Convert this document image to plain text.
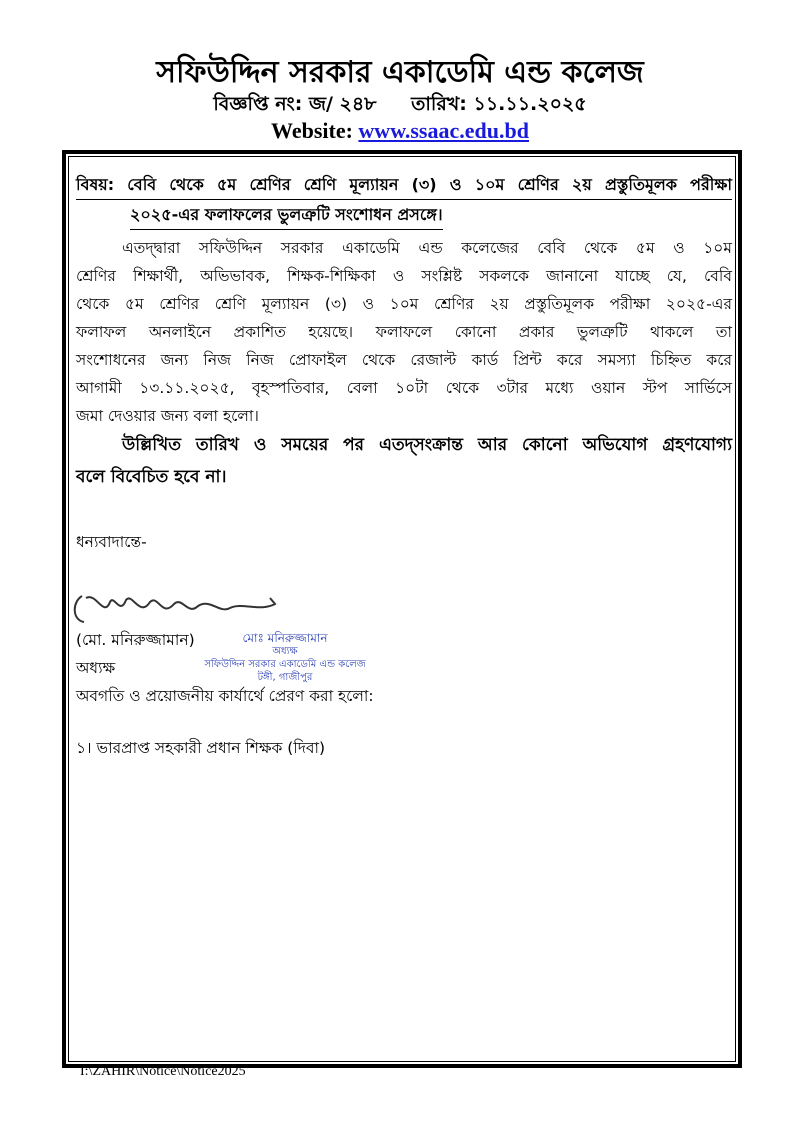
সফিউদ্দিন সরকার একাডেমি এন্ড কলেজ
বিজ্ঞপ্তি নং: জ/ ২৪৮ তারিখ: ১১.১১.২০২৫
Website: www.ssaac.edu.bd
বিষয়: বেবি থেকে ৫ম শ্রেণির শ্রেণি মূল্যায়ন (৩) ও ১০ম শ্রেণির ২য় প্রস্তুতিমূলক পরীক্ষা
২০২৫-এর ফলাফলের ভুলত্রুটি সংশোধন প্রসঙ্গে।
এতদ্দ্বারা সফিউদ্দিন সরকার একাডেমি এন্ড কলেজের বেবি থেকে ৫ম ও ১০ম
শ্রেণির শিক্ষার্থী, অভিভাবক, শিক্ষক-শিক্ষিকা ও সংশ্লিষ্ট সকলকে জানানো যাচ্ছে যে, বেবি
থেকে ৫ম শ্রেণির শ্রেণি মূল্যায়ন (৩) ও ১০ম শ্রেণির ২য় প্রস্তুতিমূলক পরীক্ষা ২০২৫-এর
ফলাফল অনলাইনে প্রকাশিত হয়েছে। ফলাফলে কোনো প্রকার ভুলত্রুটি থাকলে তা
সংশোধনের জন্য নিজ নিজ প্রোফাইল থেকে রেজাল্ট কার্ড প্রিন্ট করে সমস্যা চিহ্নিত করে
আগামী ১৩.১১.২০২৫, বৃহস্পতিবার, বেলা ১০টা থেকে ৩টার মধ্যে ওয়ান স্টপ সার্ভিসে
জমা দেওয়ার জন্য বলা হলো।
উল্লিখিত তারিখ ও সময়ের পর এতদ্সংক্রান্ত আর কোনো অভিযোগ গ্রহণযোগ্য
বলে বিবেচিত হবে না।
ধন্যবাদান্তে-
(মো. মনিরুজ্জামান)	মোঃ মনিরুজ্জামান
অধ্যক্ষ
সফিউদ্দিন সরকার একাডেমি এন্ড কলেজ
টঙ্গী, গাজীপুর
অধ্যক্ষ
অবগতি ও প্রয়োজনীয় কার্যার্থে প্রেরণ করা হলো:
১। ভারপ্রাপ্ত সহকারী প্রধান শিক্ষক (দিবা)
I:\ZAHIR\Notice\Notice2025
